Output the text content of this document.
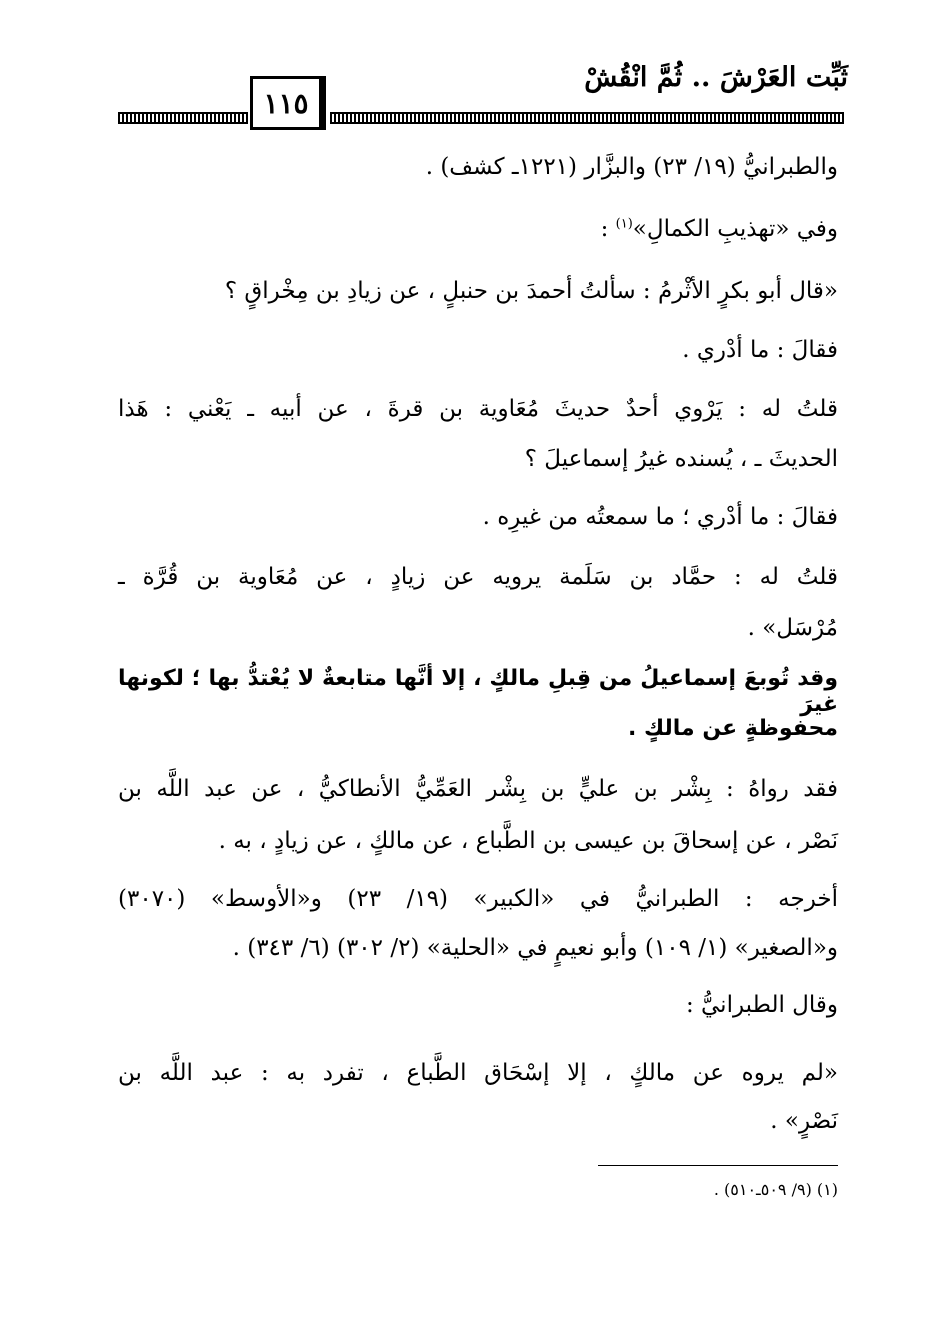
ثَبِّت العَرْشَ .. ثُمَّ انْقُشْ
١١٥
والطبرانيُّ (١٩/ ٢٣) والبزَّار (١٢٢١ـ كشف) .
وفي «تهذيبِ الكمالِ»$^{(١)}$ :
«قال أبو بكرٍ الأثْرمُ : سألتُ أحمدَ بن حنبلٍ ، عن زيادِ بن مِخْراقٍ ؟
فقالَ : ما أدْري .
قلتُ له : يَرْوي أحدٌ حديثَ مُعَاوية بن قرةَ ، عن أبيه ـ يَعْني : هَذا
الحديثَ ـ ، يُسنده غيرُ إسماعيلَ ؟
فقالَ : ما أدْري ؛ ما سمعتُه من غيرِه .
قلتُ له : حمَّاد بن سَلَمة يرويه عن زيادٍ ، عن مُعَاوية بن قُرَّة ـ
مُرْسَل» .
وقد تُوبعَ إسماعيلُ من قِبلِ مالكٍ ، إلا أنَّها متابعةٌ لا يُعْتدُّ بها ؛ لكونها غيرَ
محفوظةٍ عن مالكٍ .
فقد رواهُ : بِشْر بن عليٍّ بن بِشْر العَمِّيُّ الأنطاكيُّ ، عن عبد اللَّه بن
نَصْر ، عن إسحاقَ بن عيسى بن الطَّباع ، عن مالكٍ ، عن زيادٍ ، به .
أخرجه : الطبرانيُّ في «الكبير» (١٩/ ٢٣) و«الأوسط» (٣٠٧٠)
و«الصغير» (١/ ١٠٩) وأبو نعيمٍ في «الحلية» (٢/ ٣٠٢) (٦/ ٣٤٣) .
وقال الطبرانيُّ :
«لم يروه عن مالكٍ ، إلا إسْحَاق الطَّباع ، تفرد به : عبد اللَّه بن
نَصْرٍ» .
(١) (٩/ ٥٠٩ـ٥١٠) .
